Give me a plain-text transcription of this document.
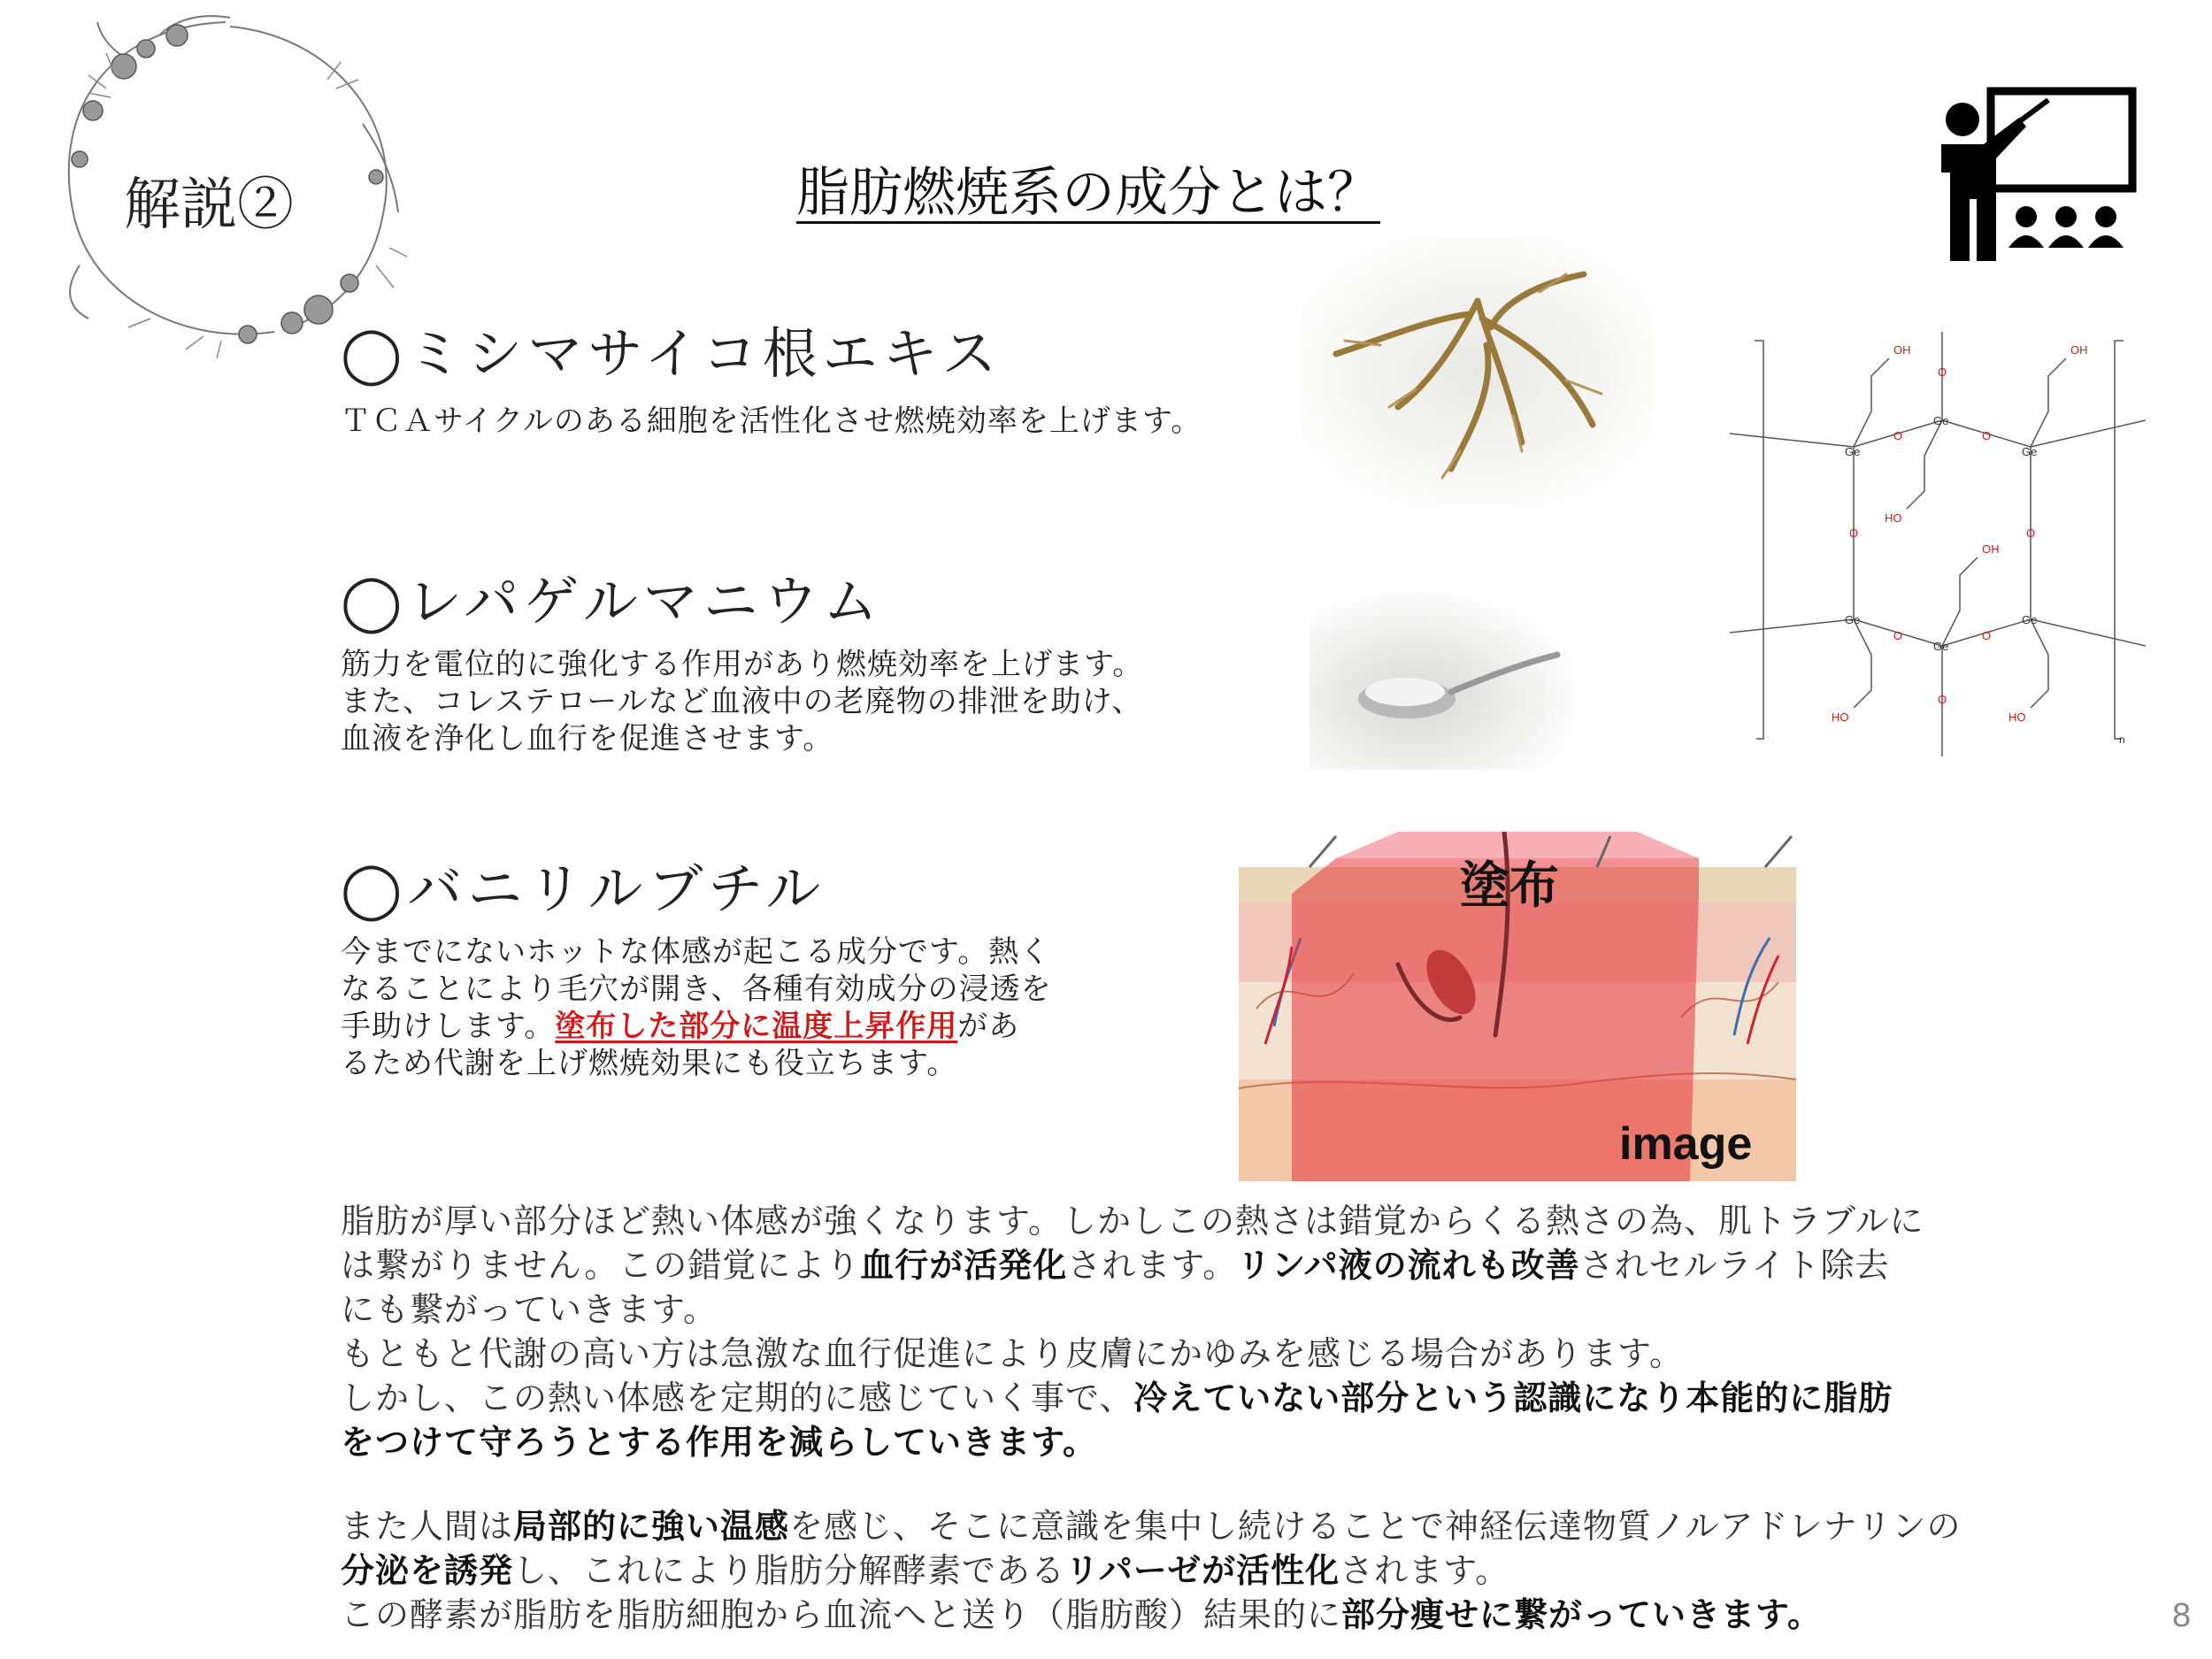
解説②	脂肪燃焼系の成分とは？
◯ミシマサイコ根エキス
ＴＣＡサイクルのある細胞を活性化させ燃焼効率を上げます。
◯レパゲルマニウム
筋力を電位的に強化する作用があり燃焼効率を上げます。
また、コレステロールなど血液中の老廃物の排泄を助け、
血液を浄化し血行を促進させます。
Ge
Ge
Ge
Ge
Ge
Ge
O	O
O	O
O	O
O
O
OH	OH
OH
HO
HO	HO
n
◯バニリルブチル
今までにないホットな体感が起こる成分です。熱く
なることにより毛穴が開き、各種有効成分の浸透を
手助けします。塗布した部分に温度上昇作用があ
るため代謝を上げ燃焼効果にも役立ちます。
塗布
image
脂肪が厚い部分ほど熱い体感が強くなります。しかしこの熱さは錯覚からくる熱さの為、肌トラブルに
は繋がりません。この錯覚により血行が活発化されます。リンパ液の流れも改善されセルライト除去
にも繋がっていきます。
もともと代謝の高い方は急激な血行促進により皮膚にかゆみを感じる場合があります。
しかし、この熱い体感を定期的に感じていく事で、冷えていない部分という認識になり本能的に脂肪
をつけて守ろうとする作用を減らしていきます。
また人間は局部的に強い温感を感じ、そこに意識を集中し続けることで神経伝達物質ノルアドレナリンの
分泌を誘発し、これにより脂肪分解酵素であるリパーゼが活性化されます。
この酵素が脂肪を脂肪細胞から血流へと送り（脂肪酸）結果的に部分痩せに繋がっていきます。	8
